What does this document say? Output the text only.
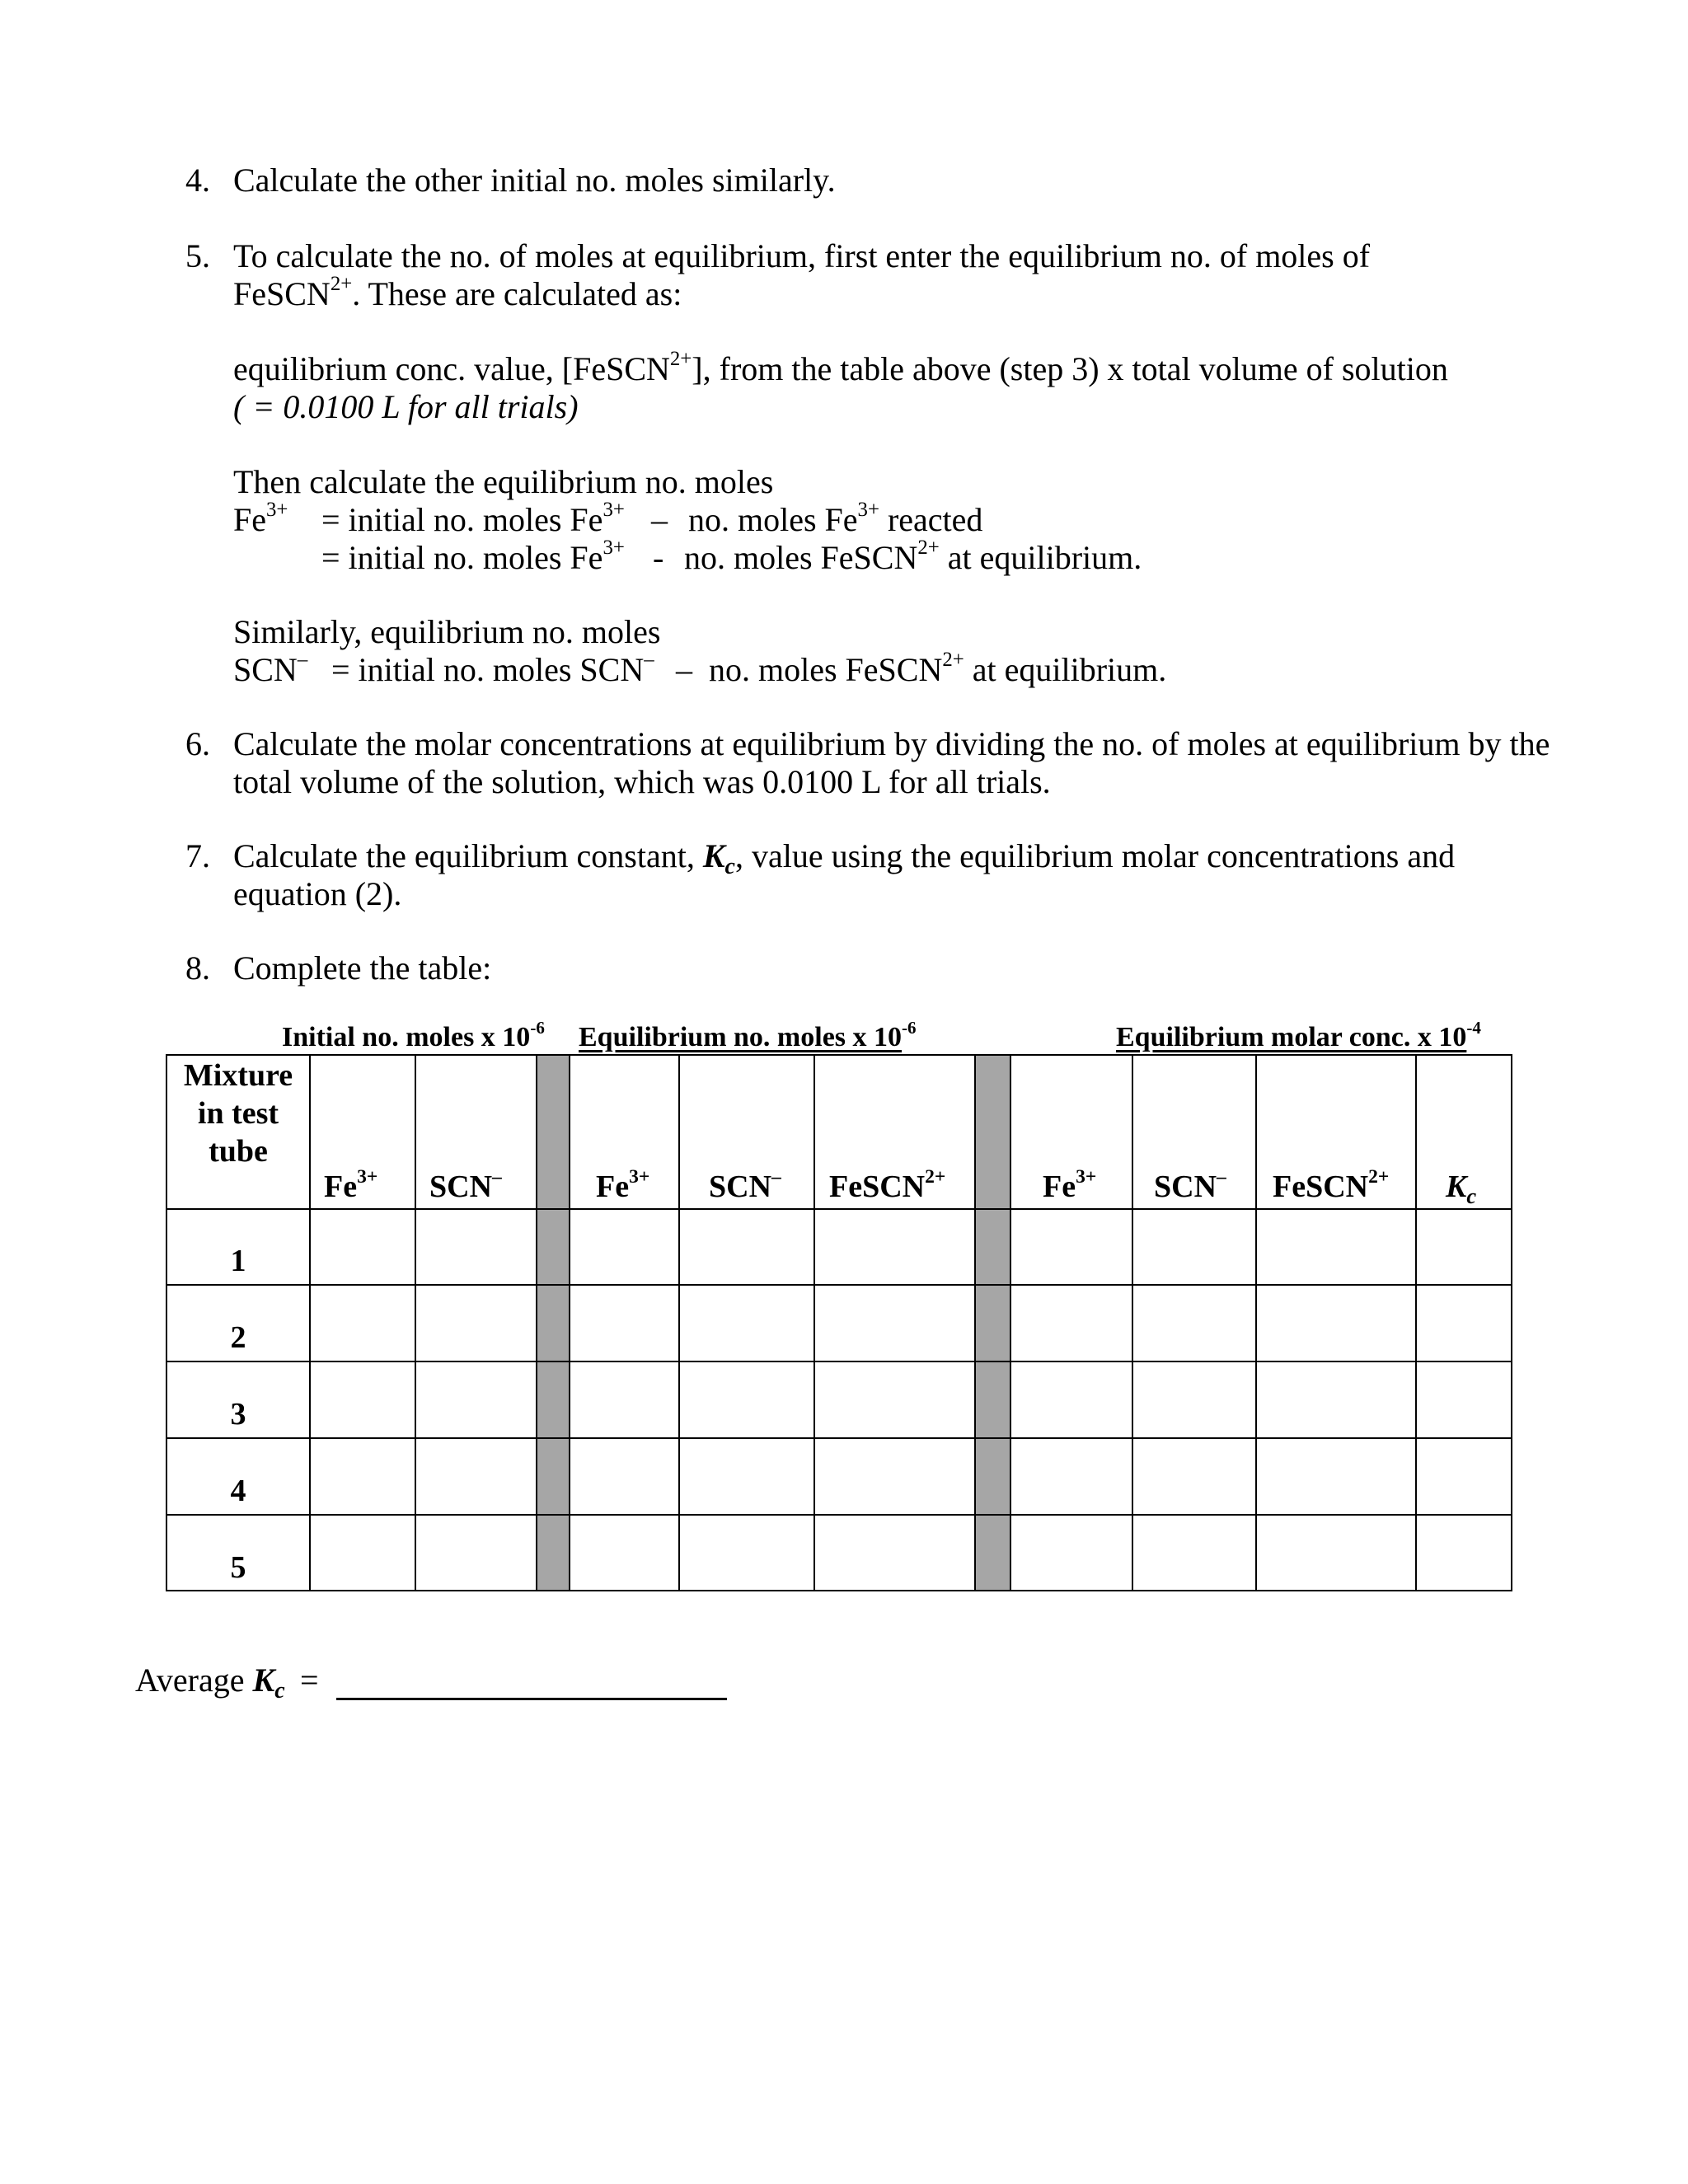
4. Calculate the other initial no. moles similarly.
5. To calculate the no. of moles at equilibrium, first enter the equilibrium no. of moles of
FeSCN$^{2+}$. These are calculated as:
equilibrium conc. value, [FeSCN$^{2+}$], from the table above (step 3) x total volume of solution
( = 0.0100 L for all trials)
Then calculate the equilibrium no. moles
$Fe^{3+}$ = initial no. moles $Fe^{3+}$ – no. moles $Fe^{3+}$ reacted
= initial no. moles $Fe^{3+}$ - no. moles FeSCN$^{2+}$ at equilibrium.
Similarly, equilibrium no. moles
SCN– = initial no. moles SCN– – no. moles FeSCN$^{2+}$ at equilibrium.
6. Calculate the molar concentrations at equilibrium by dividing the no. of moles at equilibrium by the
total volume of the solution, which was 0.0100 L for all trials.
7. Calculate the equilibrium constant, $K_c$, value using the equilibrium molar concentrations and
equation (2).
8. Complete the table:
Initial no. moles x $10^{-6}$ Equilibrium no. moles x $10^{-6}$	Equilibrium molar conc. x $10^{-4}$
Mixture
in test
tube
$Fe^{3+}$ SCN–	$Fe^{3+}$ SCN– FeSCN$^{2+}$	$Fe^{3+}$ SCN– FeSCN$^{2+}$ $K_c$
1
2
3
4
5
Average $K_c$ =
